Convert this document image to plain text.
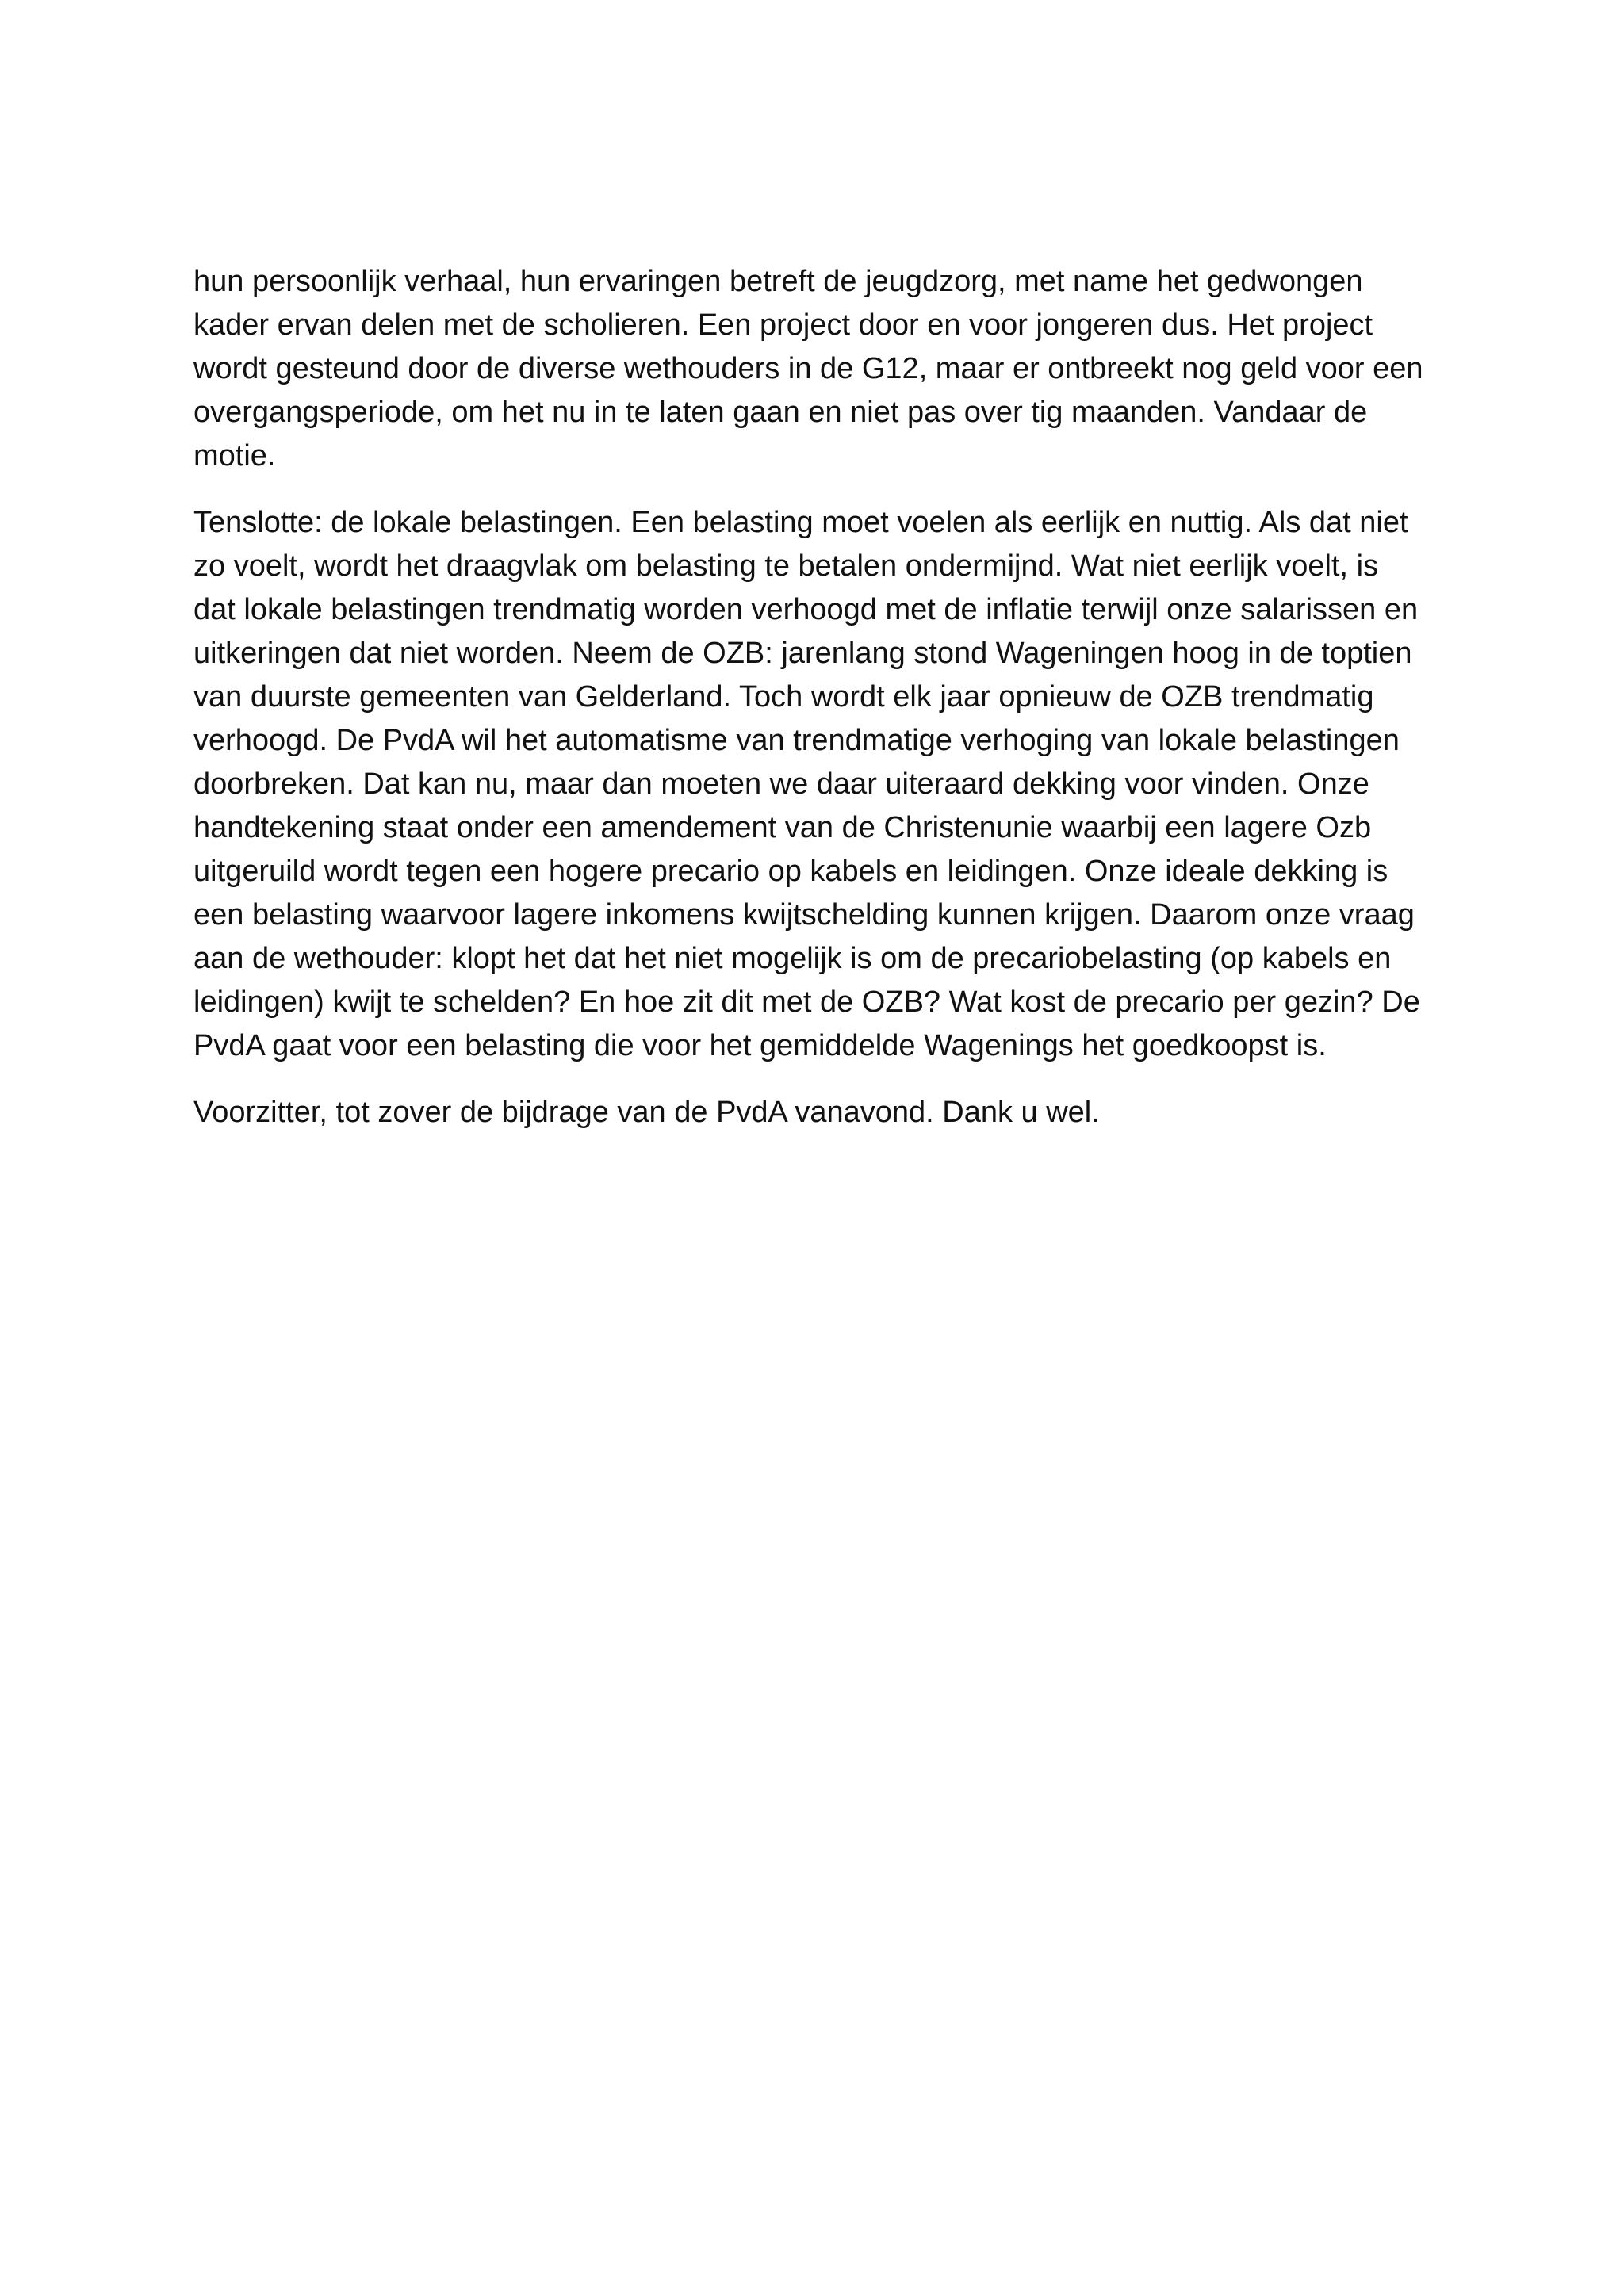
hun persoonlijk verhaal, hun ervaringen betreft de jeugdzorg, met name het gedwongen
kader ervan delen met de scholieren. Een project door en voor jongeren dus. Het project
wordt gesteund door de diverse wethouders in de G12, maar er ontbreekt nog geld voor een
overgangsperiode, om het nu in te laten gaan en niet pas over tig maanden. Vandaar de
motie.

Tenslotte: de lokale belastingen. Een belasting moet voelen als eerlijk en nuttig. Als dat niet
zo voelt, wordt het draagvlak om belasting te betalen ondermijnd. Wat niet eerlijk voelt, is
dat lokale belastingen trendmatig worden verhoogd met de inflatie terwijl onze salarissen en
uitkeringen dat niet worden. Neem de OZB: jarenlang stond Wageningen hoog in de toptien
van duurste gemeenten van Gelderland. Toch wordt elk jaar opnieuw de OZB trendmatig
verhoogd. De PvdA wil het automatisme van trendmatige verhoging van lokale belastingen
doorbreken. Dat kan nu, maar dan moeten we daar uiteraard dekking voor vinden. Onze
handtekening staat onder een amendement van de Christenunie waarbij een lagere Ozb
uitgeruild wordt tegen een hogere precario op kabels en leidingen. Onze ideale dekking is
een belasting waarvoor lagere inkomens kwijtschelding kunnen krijgen. Daarom onze vraag
aan de wethouder: klopt het dat het niet mogelijk is om de precariobelasting (op kabels en
leidingen) kwijt te schelden? En hoe zit dit met de OZB? Wat kost de precario per gezin? De
PvdA gaat voor een belasting die voor het gemiddelde Wagenings het goedkoopst is.

Voorzitter, tot zover de bijdrage van de PvdA vanavond. Dank u wel.
